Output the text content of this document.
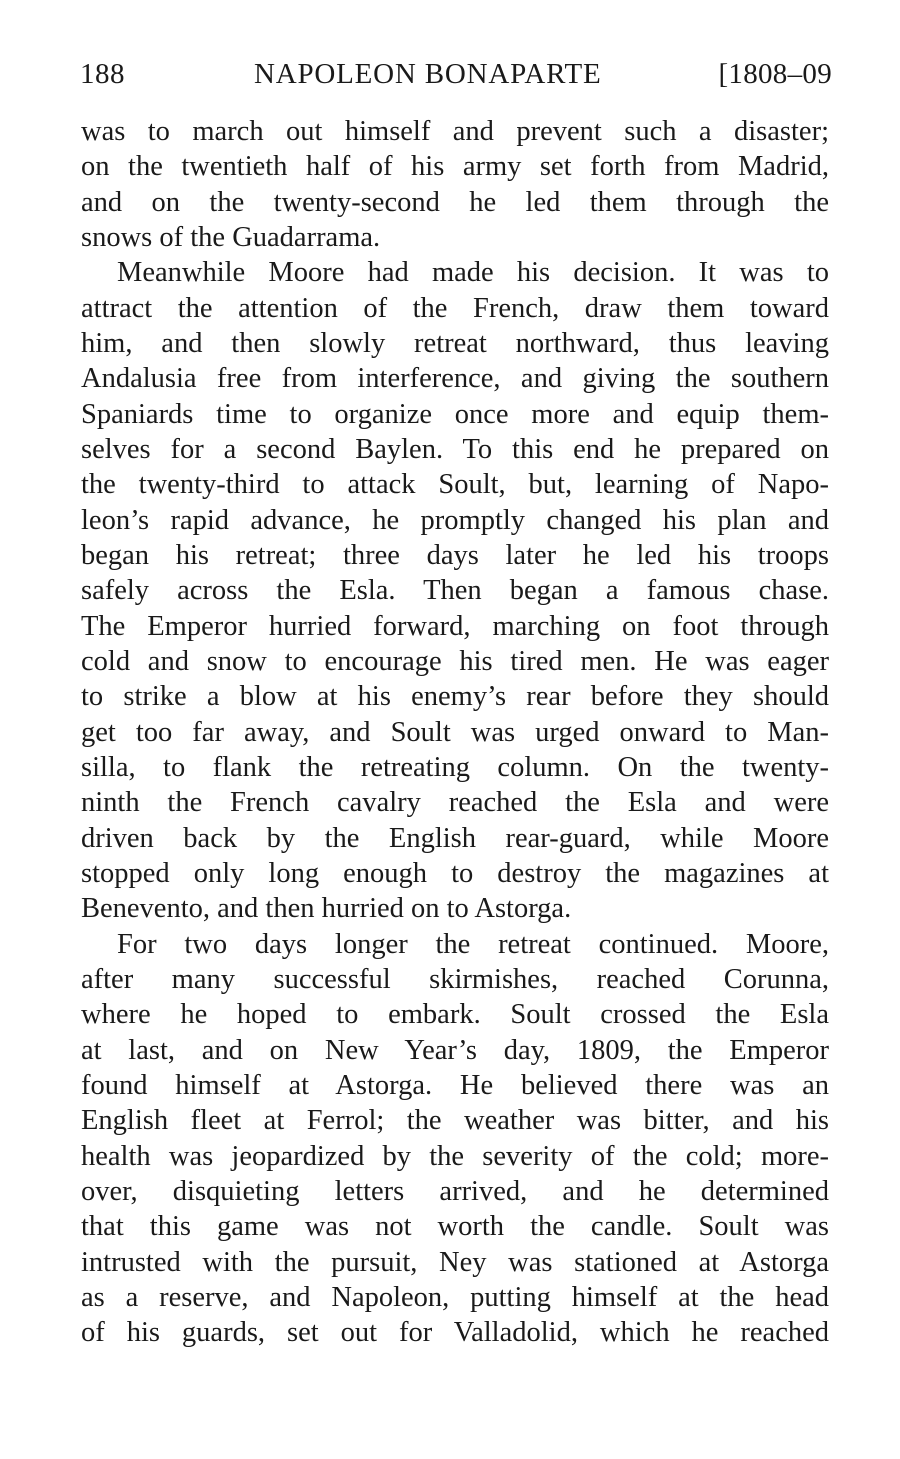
188	NAPOLEON BONAPARTE	[1808–09
was to march out himself and prevent such a disaster;
on the twentieth half of his army set forth from Madrid,
and on the twenty-second he led them through the
snows of the Guadarrama.
Meanwhile Moore had made his decision. It was to
attract the attention of the French, draw them toward
him, and then slowly retreat northward, thus leaving
Andalusia free from interference, and giving the southern
Spaniards time to organize once more and equip them-
selves for a second Baylen. To this end he prepared on
the twenty-third to attack Soult, but, learning of Napo-
leon’s rapid advance, he promptly changed his plan and
began his retreat; three days later he led his troops
safely across the Esla. Then began a famous chase.
The Emperor hurried forward, marching on foot through
cold and snow to encourage his tired men. He was eager
to strike a blow at his enemy’s rear before they should
get too far away, and Soult was urged onward to Man-
silla, to flank the retreating column. On the twenty-
ninth the French cavalry reached the Esla and were
driven back by the English rear-guard, while Moore
stopped only long enough to destroy the magazines at
Benevento, and then hurried on to Astorga.
For two days longer the retreat continued. Moore,
after many successful skirmishes, reached Corunna,
where he hoped to embark. Soult crossed the Esla
at last, and on New Year’s day, 1809, the Emperor
found himself at Astorga. He believed there was an
English fleet at Ferrol; the weather was bitter, and his
health was jeopardized by the severity of the cold; more-
over, disquieting letters arrived, and he determined
that this game was not worth the candle. Soult was
intrusted with the pursuit, Ney was stationed at Astorga
as a reserve, and Napoleon, putting himself at the head
of his guards, set out for Valladolid, which he reached
